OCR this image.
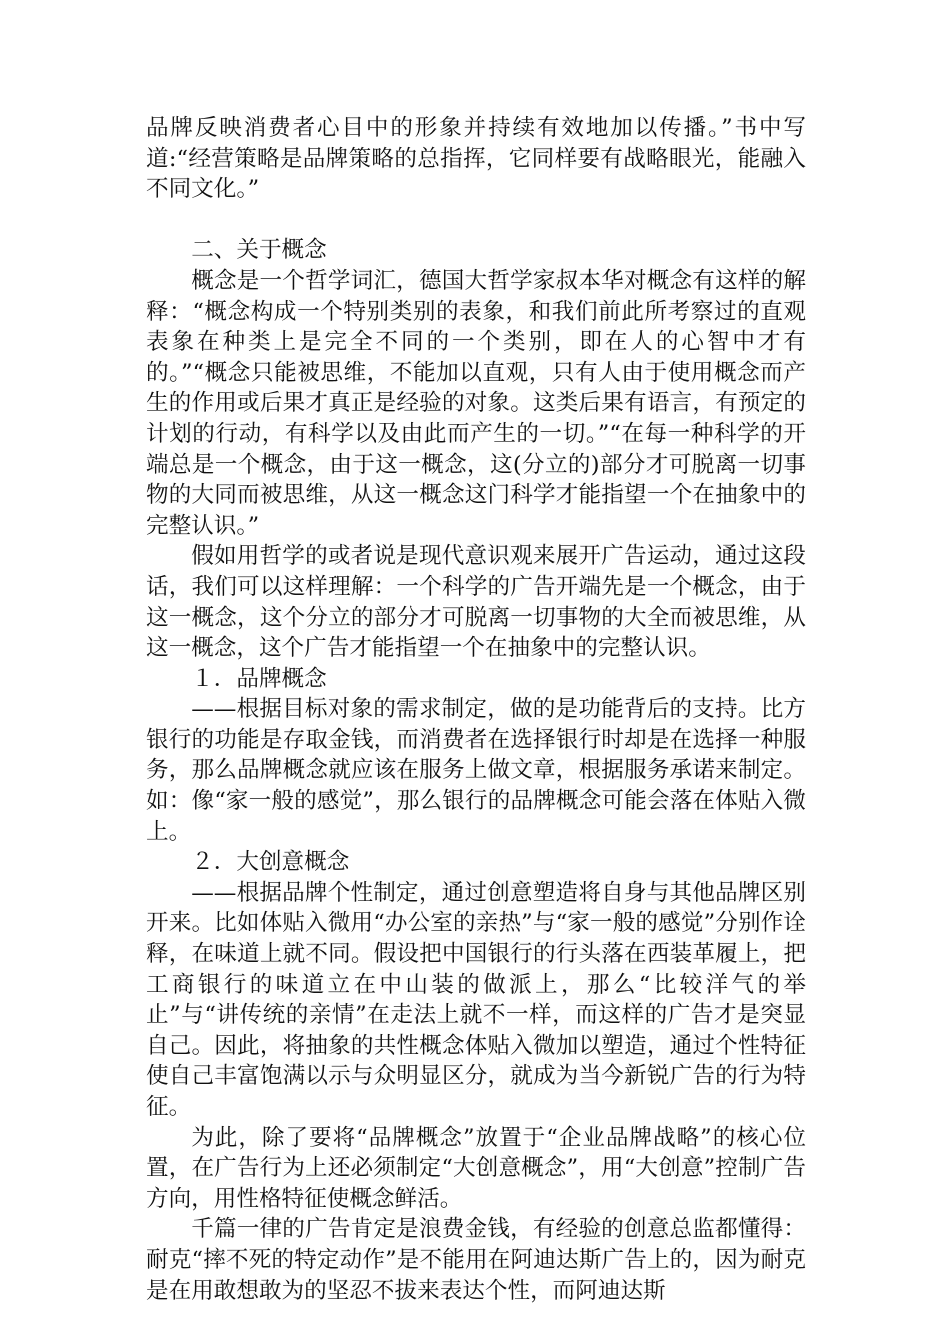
品牌反映消费者心目中的形象并持续有效地加以传播。”书中写道:“经营策略是品牌策略的总指挥，它同样要有战略眼光，能融入不同文化。”

二、关于概念

概念是一个哲学词汇，德国大哲学家叔本华对概念有这样的解释：“概念构成一个特别类别的表象，和我们前此所考察过的直观表象在种类上是完全不同的一个类别，即在人的心智中才有的。”“概念只能被思维，不能加以直观，只有人由于使用概念而产生的作用或后果才真正是经验的对象。这类后果有语言，有预定的计划的行动，有科学以及由此而产生的一切。”“在每一种科学的开端总是一个概念，由于这一概念，这(分立的)部分才可脱离一切事物的大同而被思维，从这一概念这门科学才能指望一个在抽象中的完整认识。”

假如用哲学的或者说是现代意识观来展开广告运动，通过这段话，我们可以这样理解：一个科学的广告开端先是一个概念，由于这一概念，这个分立的部分才可脱离一切事物的大全而被思维，从这一概念，这个广告才能指望一个在抽象中的完整认识。

１．品牌概念

——根据目标对象的需求制定，做的是功能背后的支持。比方银行的功能是存取金钱，而消费者在选择银行时却是在选择一种服务，那么品牌概念就应该在服务上做文章，根据服务承诺来制定。如：像“家一般的感觉”，那么银行的品牌概念可能会落在体贴入微上。

２．大创意概念

——根据品牌个性制定，通过创意塑造将自身与其他品牌区别开来。比如体贴入微用“办公室的亲热”与“家一般的感觉”分别作诠释，在味道上就不同。假设把中国银行的行头落在西装革履上，把工商银行的味道立在中山装的做派上，那么“比较洋气的举止”与“讲传统的亲情”在走法上就不一样，而这样的广告才是突显自己。因此，将抽象的共性概念体贴入微加以塑造，通过个性特征使自己丰富饱满以示与众明显区分，就成为当今新锐广告的行为特征。

为此，除了要将“品牌概念”放置于“企业品牌战略”的核心位置，在广告行为上还必须制定“大创意概念”，用“大创意”控制广告方向，用性格特征使概念鲜活。

千篇一律的广告肯定是浪费金钱，有经验的创意总监都懂得：耐克“摔不死的特定动作”是不能用在阿迪达斯广告上的，因为耐克是在用敢想敢为的坚忍不拔来表达个性，而阿迪达斯
